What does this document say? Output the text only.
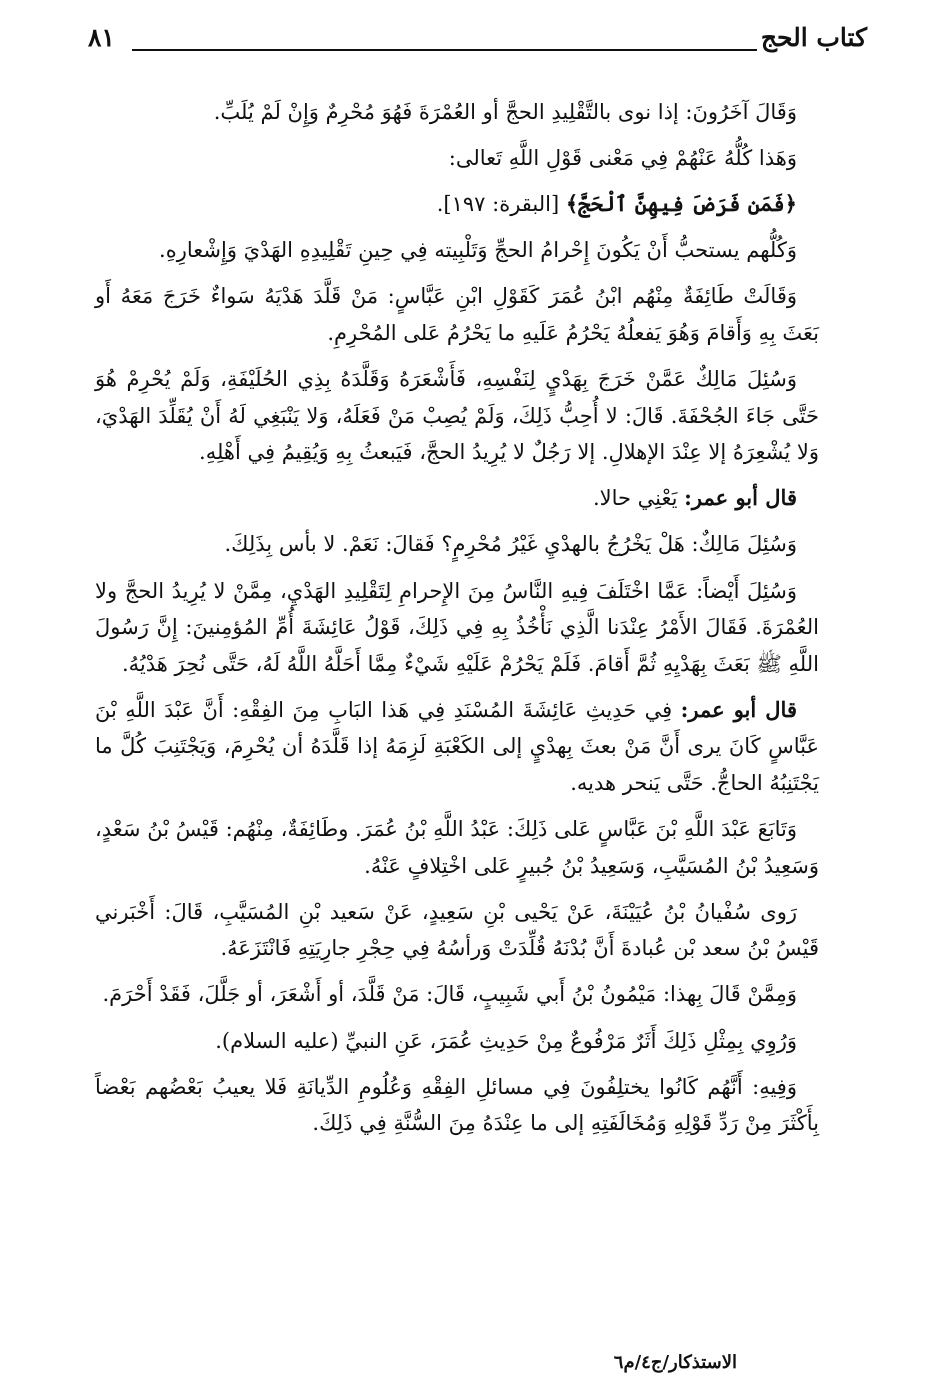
كتاب الحج
٨١

وَقَالَ آخَرُونَ: إذا نوى بالتَّقْلِيدِ الحجَّ أو العُمْرَةَ فَهُوَ مُحْرِمٌ وَإِنْ لَمْ يُلَبِّ.

وَهَذا كُلُّهُ عَنْهُمْ فِي مَعْنى قَوْلِ اللَّهِ تَعالى:

﴿فَمَن فَرَضَ فِيهِنَّ ٱلْحَجَّ﴾ [البقرة: ١٩٧].

وَكُلُّهم يستحبُّ أَنْ يَكُونَ إِحْرامُ الحجِّ وَتَلْبِيته فِي حِينِ تَقْلِيدِهِ الهَدْيَ وَإِشْعارِهِ.

وَقَالَتْ طَائِفَةٌ مِنْهُم ابْنُ عُمَرَ كَقَوْلِ ابْنِ عَبَّاسٍ: مَنْ قَلَّدَ هَدْيَهُ سَواءٌ خَرَجَ مَعَهُ أَو بَعَثَ بِهِ وَأَقامَ وَهُوَ يَفعلُهُ يَحْرُمُ عَلَيهِ ما يَحْرُمُ عَلى المُحْرِمِ.

وَسُئِلَ مَالِكٌ عَمَّنْ خَرَجَ بِهَدْيٍ لِنَفْسِهِ، فَأَشْعَرَهُ وَقَلَّدَهُ بِذِي الحُلَيْفَةِ، وَلَمْ يُحْرِمْ هُوَ حَتَّى جَاءَ الجُحْفَةَ. قَالَ: لا أُحِبُّ ذَلِكَ، وَلَمْ يُصِبْ مَنْ فَعَلَهُ، وَلا يَنْبَغِي لَهُ أَنْ يُقَلِّدَ الهَدْيَ، وَلا يُشْعِرَهُ إلا عِنْدَ الإهلالِ. إلا رَجُلٌ لا يُرِيدُ الحجَّ، فَيَبعثُ بِهِ وَيُقِيمُ فِي أَهْلِهِ.

قال أبو عمر: يَعْنِي حالا.

وَسُئِلَ مَالِكٌ: هَلْ يَخْرُجُ بالهدْيِ غَيْرُ مُحْرِمٍ؟ فَقالَ: نَعَمْ. لا بأس بِذَلِكَ.

وَسُئِلَ أَيْضاً: عَمَّا اخْتَلَفَ فِيهِ النَّاسُ مِنَ الإِحرامِ لِتَقْلِيدِ الهَدْيِ، مِمَّنْ لا يُرِيدُ الحجَّ ولا العُمْرَةَ. فَقَالَ الأَمْرُ عِنْدَنا الَّذِي نَأْخُذُ بِهِ فِي ذَلِكَ، قَوْلُ عَائِشَةَ أُمِّ المُؤمِنينَ: إِنَّ رَسُولَ اللَّهِ ﷺ بَعَثَ بِهَدْيِهِ ثُمَّ أَقامَ. فَلَمْ يَحْرُمْ عَلَيْهِ شَيْءٌ مِمَّا أَحَلَّهُ اللَّهُ لَهُ، حَتَّى نُحِرَ هَدْيُهُ.

قال أبو عمر: فِي حَدِيثِ عَائِشَةَ المُسْنَدِ فِي هَذا البَابِ مِنَ الفِقْهِ: أَنَّ عَبْدَ اللَّهِ بْنَ عَبَّاسٍ كَانَ يرى أَنَّ مَنْ بعثَ بِهدْيٍ إلى الكَعْبَةِ لَزِمَهُ إذا قَلَّدَهُ أن يُحْرِمَ، وَيَجْتَنِبَ كُلَّ ما يَجْتَنِبُهُ الحاجُّ. حَتَّى يَنحر هديه.

وَتَابَعَ عَبْدَ اللَّهِ بْنَ عَبَّاسٍ عَلى ذَلِكَ: عَبْدُ اللَّهِ بْنُ عُمَرَ. وطَائِفَةٌ، مِنْهُم: قَيْسُ بْنُ سَعْدٍ، وَسَعِيدُ بْنُ المُسَيَّبِ، وَسَعِيدُ بْنُ جُبيرٍ عَلى اخْتِلافٍ عَنْهُ.

رَوى سُفْيانُ بْنُ عُيَيْنَةَ، عَنْ يَحْيى بْنِ سَعِيدٍ، عَنْ سَعيد بْنِ المُسَيَّبِ، قَالَ: أَخْبَرني قَيْسُ بْنُ سعد بْن عُبادةَ أَنَّ بُدْنَهُ قُلِّدَتْ وَرأسُهُ فِي حِجْرِ جارِيَتِهِ فَانْتَزَعَهُ.

وَمِمَّنْ قَالَ بِهذا: مَيْمُونُ بْنُ أَبي شَبِيبٍ، قَالَ: مَنْ قَلَّدَ، أو أَشْعَرَ، أو جَلَّلَ، فَقَدْ أَحْرَمَ.

وَرُوِي بِمِثْلِ ذَلِكَ أَثَرٌ مَرْفُوعٌ مِنْ حَدِيثِ عُمَرَ، عَنِ النبيِّ (عليه السلام).

وَفِيهِ: أَنَّهُم كَانُوا يختلِفُونَ فِي مسائلِ الفِقْهِ وَعُلُومِ الدِّيانَةِ فَلا يعيبُ بَعْضُهم بَعْضاً بِأَكْثَرَ مِنْ رَدِّ قَوْلِهِ وَمُخَالَفَتِهِ إلى ما عِنْدَهُ مِنَ السُّنَّةِ فِي ذَلِكَ.

الاستذكار/ج٤/م٦
